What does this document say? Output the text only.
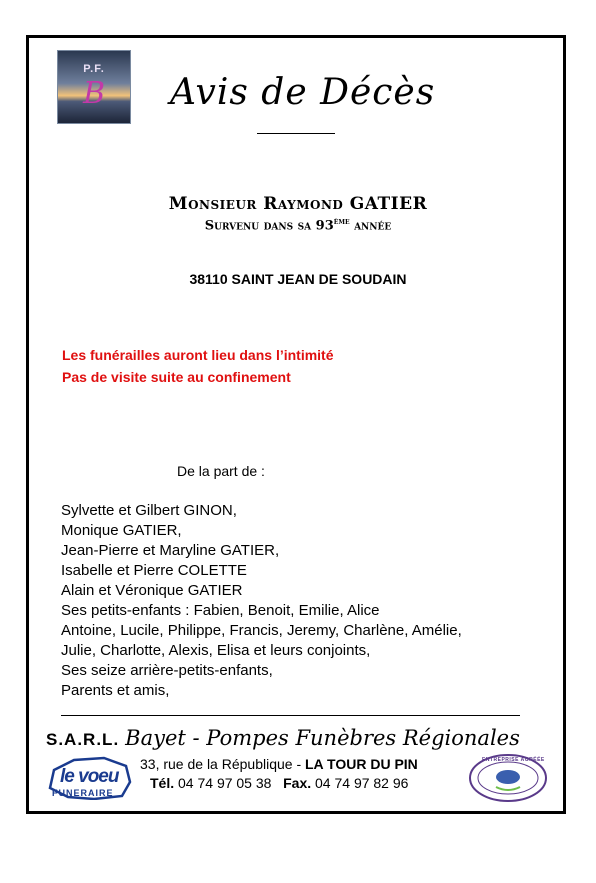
P.F.
B	Avis de Décès
Monsieur Raymond GATIER
Survenu dans sa 93ème année
38110 SAINT JEAN DE SOUDAIN
Les funérailles auront lieu dans l’intimité
Pas de visite suite au confinement
De la part de :
Sylvette et Gilbert GINON,
Monique GATIER,
Jean-Pierre et Maryline GATIER,
Isabelle et Pierre COLETTE
Alain et Véronique GATIER
Ses petits-enfants : Fabien, Benoit, Emilie, Alice
Antoine, Lucile, Philippe, Francis, Jeremy, Charlène, Amélie,
Julie, Charlotte, Alexis, Elisa et leurs conjoints,
Ses seize arrière-petits-enfants,
Parents et amis,
S.A.R.L. Bayet - Pompes Funèbres Régionales
le voeu
FUNERAIRE
33, rue de la République - LA TOUR DU PIN
Tél. 04 74 97 05 38 Fax. 04 74 97 82 96
ENTREPRISE AGRÉÉE
